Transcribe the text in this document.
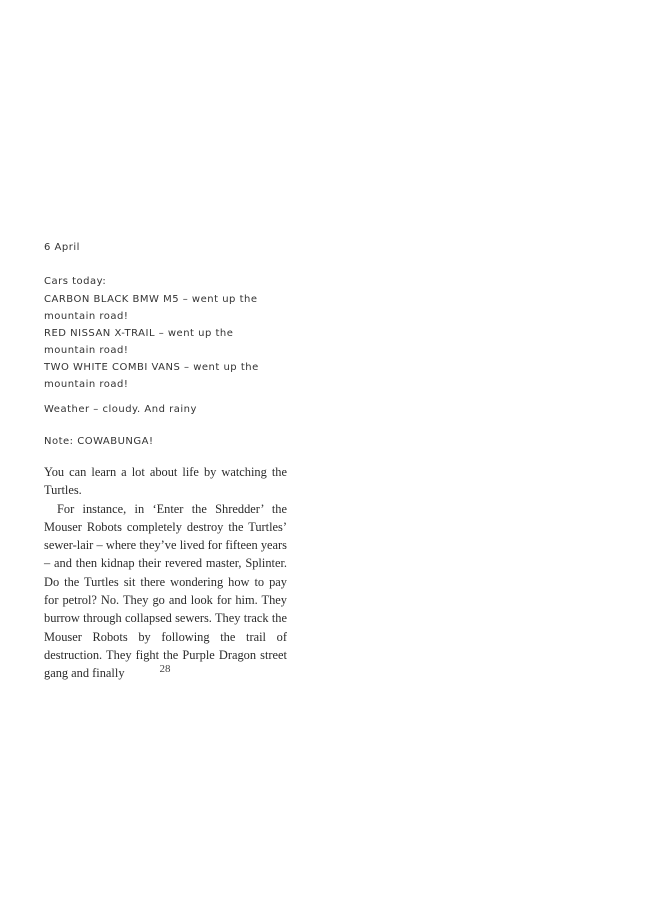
6 April
Cars today:
CARBON BLACK BMW M5 – went up the
mountain road!
RED NISSAN X-TRAIL – went up the
mountain road!
TWO WHITE COMBI VANS – went up the
mountain road!
Weather – cloudy. And rainy
Note: COWABUNGA!

You can learn a lot about life by watching the Turtles.

For instance, in ‘Enter the Shredder’ the Mouser Robots completely destroy the Turtles’ sewer-lair – where they’ve lived for fifteen years – and then kidnap their revered master, Splinter. Do the Turtles sit there wondering how to pay for petrol? No. They go and look for him. They burrow through collapsed sewers. They track the Mouser Robots by following the trail of destruction. They fight the Purple Dragon street gang and finally	28
